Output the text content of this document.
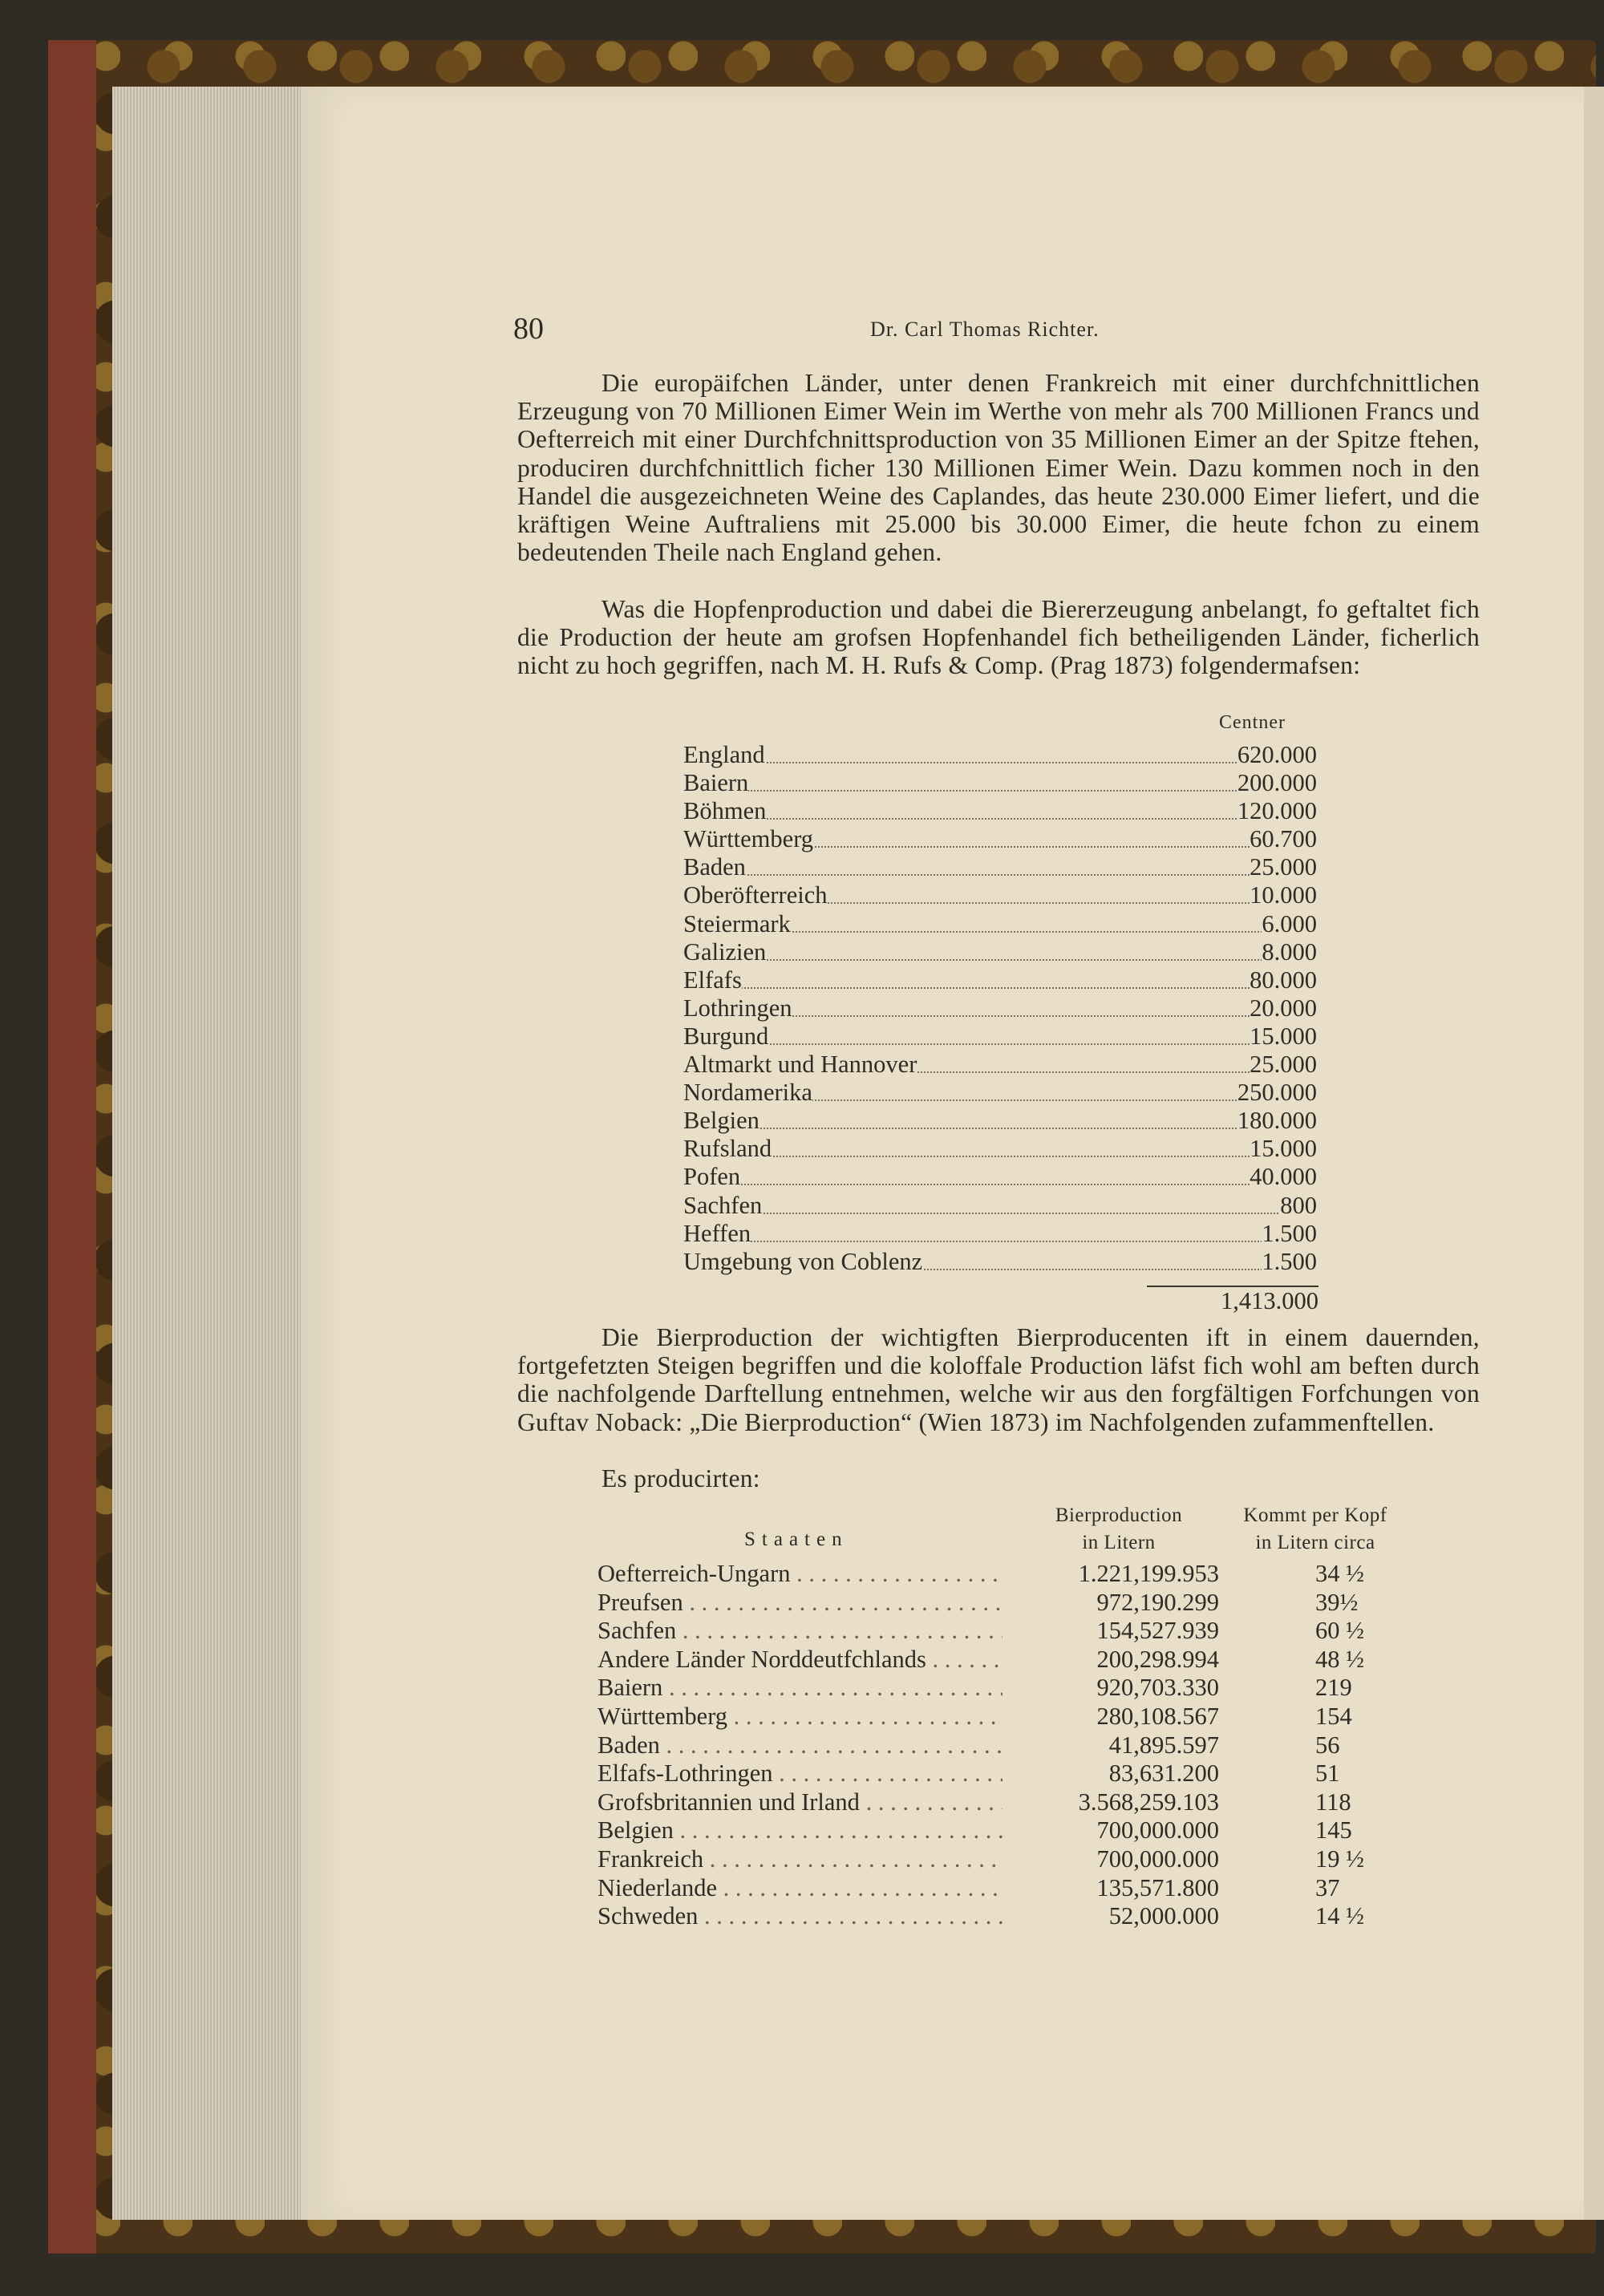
80	Dr. Carl Thomas Richter.
Die europäifchen Länder, unter denen Frankreich mit einer durchfchnittlichen Erzeugung von 70 Millionen Eimer Wein im Werthe von mehr als 700 Millionen Francs und Oefterreich mit einer Durchfchnittsproduction von 35 Millionen Eimer an der Spitze ftehen, produciren durchfchnittlich ficher 130 Millionen Eimer Wein. Dazu kommen noch in den Handel die ausgezeichneten Weine des Caplandes, das heute 230.000 Eimer liefert, und die kräftigen Weine Auftraliens mit 25.000 bis 30.000 Eimer, die heute fchon zu einem bedeutenden Theile nach England gehen.
Was die Hopfenproduction und dabei die Biererzeugung anbelangt, fo geftaltet fich die Production der heute am grofsen Hopfenhandel fich betheiligenden Länder, ficherlich nicht zu hoch gegriffen, nach M. H. Rufs & Comp. (Prag 1873) folgendermafsen:
Centner
England	620.000
Baiern	200.000
Böhmen	120.000
Württemberg	60.700
Baden	25.000
Oberöfterreich	10.000
Steiermark	6.000
Galizien	8.000
Elfafs	80.000
Lothringen	20.000
Burgund	15.000
Altmarkt und Hannover	25.000
Nordamerika	250.000
Belgien	180.000
Rufsland	15.000
Pofen	40.000
Sachfen	800
Heffen	1.500
Umgebung von Coblenz	1.500
1,413.000
Die Bierproduction der wichtigften Bierproducenten ift in einem dauernden, fortgefetzten Steigen begriffen und die koloffale Production läfst fich wohl am beften durch die nachfolgende Darftellung entnehmen, welche wir aus den forgfältigen Forfchungen von Guftav Noback: „Die Bierproduction“ (Wien 1873) im Nachfolgenden zufammenftellen.
Es producirten:
Bierproduction
in Litern
Kommt per Kopf
in Litern circa
Staaten
Oefterreich-Ungarn . . .	1.221,199.953	34 ½
Preufsen . . .	972,190.299	39½
Sachfen . . .	154,527.939	60 ½
Andere Länder Norddeutfchlands . . .	200,298.994	48 ½
Baiern . . .	920,703.330	219
Württemberg . . .	280,108.567	154
Baden . . .	41,895.597	56
Elfafs-Lothringen . . .	83,631.200	51
Grofsbritannien und Irland . . .	3.568,259.103	118
Belgien . . .	700,000.000	145
Frankreich . . .	700,000.000	19 ½
Niederlande . . .	135,571.800	37
Schweden . . .	52,000.000	14 ½
